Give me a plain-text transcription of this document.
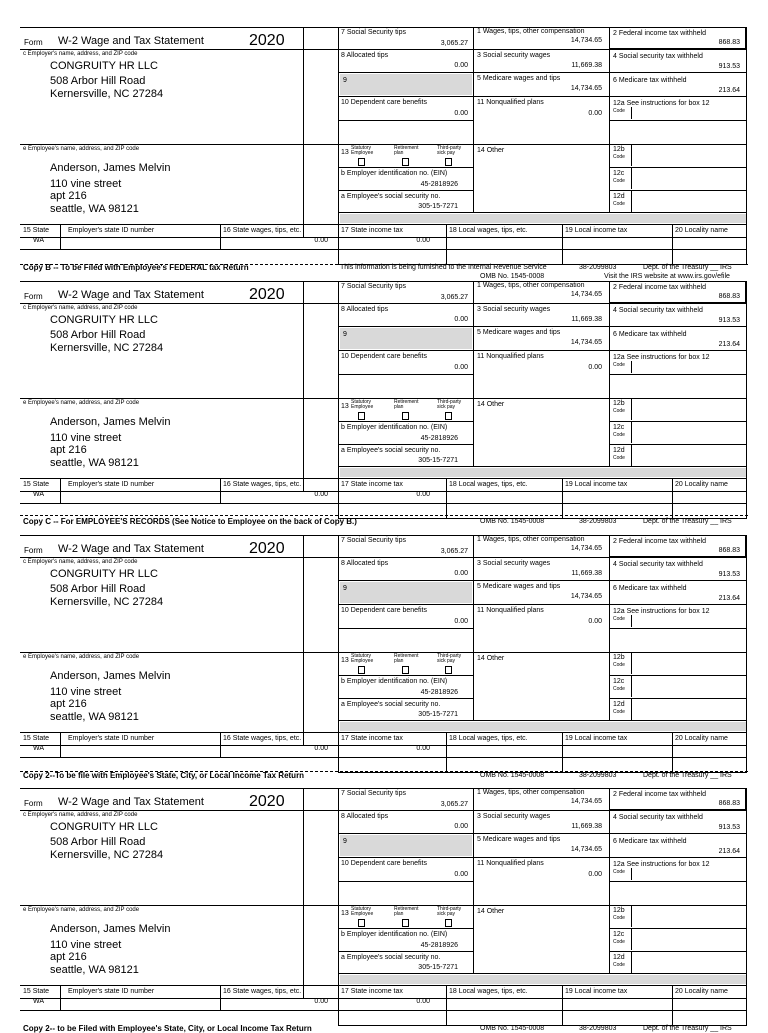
Form W-2 Wage and Tax Statement	2020
c Employer's name, address, and ZIP code
CONGRUITY HR LLC
508 Arbor Hill Road
Kernersville, NC 27284
e Employee's name, address, and ZIP code
Anderson, James Melvin
110 vine street
apt 216
seattle, WA 98121
7 Social Security tips
3,065.27
8 Allocated tips
0.00
9
10 Dependent care benefits
0.00
13
Statutory Employee
Retirement plan
Third-party sick pay
b Employer identification no. (EIN)
45-2818926
a Employee's social security no.
305-15-7271
1 Wages, tips, other compensation
14,734.65
3 Social security wages
11,669.38
5 Medicare wages and tips
14,734.65
11 Nonqualified plans
0.00
14 Other
2 Federal income tax withheld
868.83
4 Social security tax withheld
913.53
6 Medicare tax withheld
213.64
12a See instructions for box 12
Code
12b
Code
12c
Code
12d
Code
15 State
WA
Employer's state ID number	16 State wages, tips, etc.
0.00
17 State income tax
0.00
18 Local wages, tips, etc.	19 Local income tax	20 Locality name
Copy B -- To be Filed with Employee's FEDERAL tax Return	This information is being furnished to the Internal Revenue Service
OMB No. 1545-0008
38-2099803	Dept. of the Treasury __ IRS
Visit the IRS website at www.irs.gov/efile
Form W-2 Wage and Tax Statement	2020
c Employer's name, address, and ZIP code
CONGRUITY HR LLC
508 Arbor Hill Road
Kernersville, NC 27284
e Employee's name, address, and ZIP code
Anderson, James Melvin
110 vine street
apt 216
seattle, WA 98121
7 Social Security tips
3,065.27
8 Allocated tips
0.00
9
10 Dependent care benefits
0.00
13
Statutory Employee
Retirement plan
Third-party sick pay
b Employer identification no. (EIN)
45-2818926
a Employee's social security no.
305-15-7271
1 Wages, tips, other compensation
14,734.65
3 Social security wages
11,669.38
5 Medicare wages and tips
14,734.65
11 Nonqualified plans
0.00
14 Other
2 Federal income tax withheld
868.83
4 Social security tax withheld
913.53
6 Medicare tax withheld
213.64
12a See instructions for box 12
Code
12b
Code
12c
Code
12d
Code
15 State
WA
Employer's state ID number	16 State wages, tips, etc.
0.00
17 State income tax
0.00
18 Local wages, tips, etc.	19 Local income tax	20 Locality name
Copy C -- For EMPLOYEE'S RECORDS (See Notice to Employee on the back of Copy B.)	OMB No. 1545-0008	38-2099803	Dept. of the Treasury __ IRS
Form W-2 Wage and Tax Statement	2020
c Employer's name, address, and ZIP code
CONGRUITY HR LLC
508 Arbor Hill Road
Kernersville, NC 27284
e Employee's name, address, and ZIP code
Anderson, James Melvin
110 vine street
apt 216
seattle, WA 98121
7 Social Security tips
3,065.27
8 Allocated tips
0.00
9
10 Dependent care benefits
0.00
13
Statutory Employee
Retirement plan
Third-party sick pay
b Employer identification no. (EIN)
45-2818926
a Employee's social security no.
305-15-7271
1 Wages, tips, other compensation
14,734.65
3 Social security wages
11,669.38
5 Medicare wages and tips
14,734.65
11 Nonqualified plans
0.00
14 Other
2 Federal income tax withheld
868.83
4 Social security tax withheld
913.53
6 Medicare tax withheld
213.64
12a See instructions for box 12
Code
12b
Code
12c
Code
12d
Code
15 State
WA
Employer's state ID number	16 State wages, tips, etc.
0.00
17 State income tax
0.00
18 Local wages, tips, etc.	19 Local income tax	20 Locality name
Copy 2--To be file with Employee's State, City, or Local Income Tax Return	OMB No. 1545-0008	38-2099803	Dept. of the Treasury __ IRS
Form W-2 Wage and Tax Statement	2020
c Employer's name, address, and ZIP code
CONGRUITY HR LLC
508 Arbor Hill Road
Kernersville, NC 27284
e Employee's name, address, and ZIP code
Anderson, James Melvin
110 vine street
apt 216
seattle, WA 98121
7 Social Security tips
3,065.27
8 Allocated tips
0.00
9
10 Dependent care benefits
0.00
13
Statutory Employee
Retirement plan
Third-party sick pay
b Employer identification no. (EIN)
45-2818926
a Employee's social security no.
305-15-7271
1 Wages, tips, other compensation
14,734.65
3 Social security wages
11,669.38
5 Medicare wages and tips
14,734.65
11 Nonqualified plans
0.00
14 Other
2 Federal income tax withheld
868.83
4 Social security tax withheld
913.53
6 Medicare tax withheld
213.64
12a See instructions for box 12
Code
12b
Code
12c
Code
12d
Code
15 State
WA
Employer's state ID number	16 State wages, tips, etc.
0.00
17 State income tax
0.00
18 Local wages, tips, etc.	19 Local income tax	20 Locality name
Copy 2-- to be Filed with Employee's State, City, or Local Income Tax Return	OMB No. 1545-0008	38-2099803	Dept. of the Treasury __ IRS
